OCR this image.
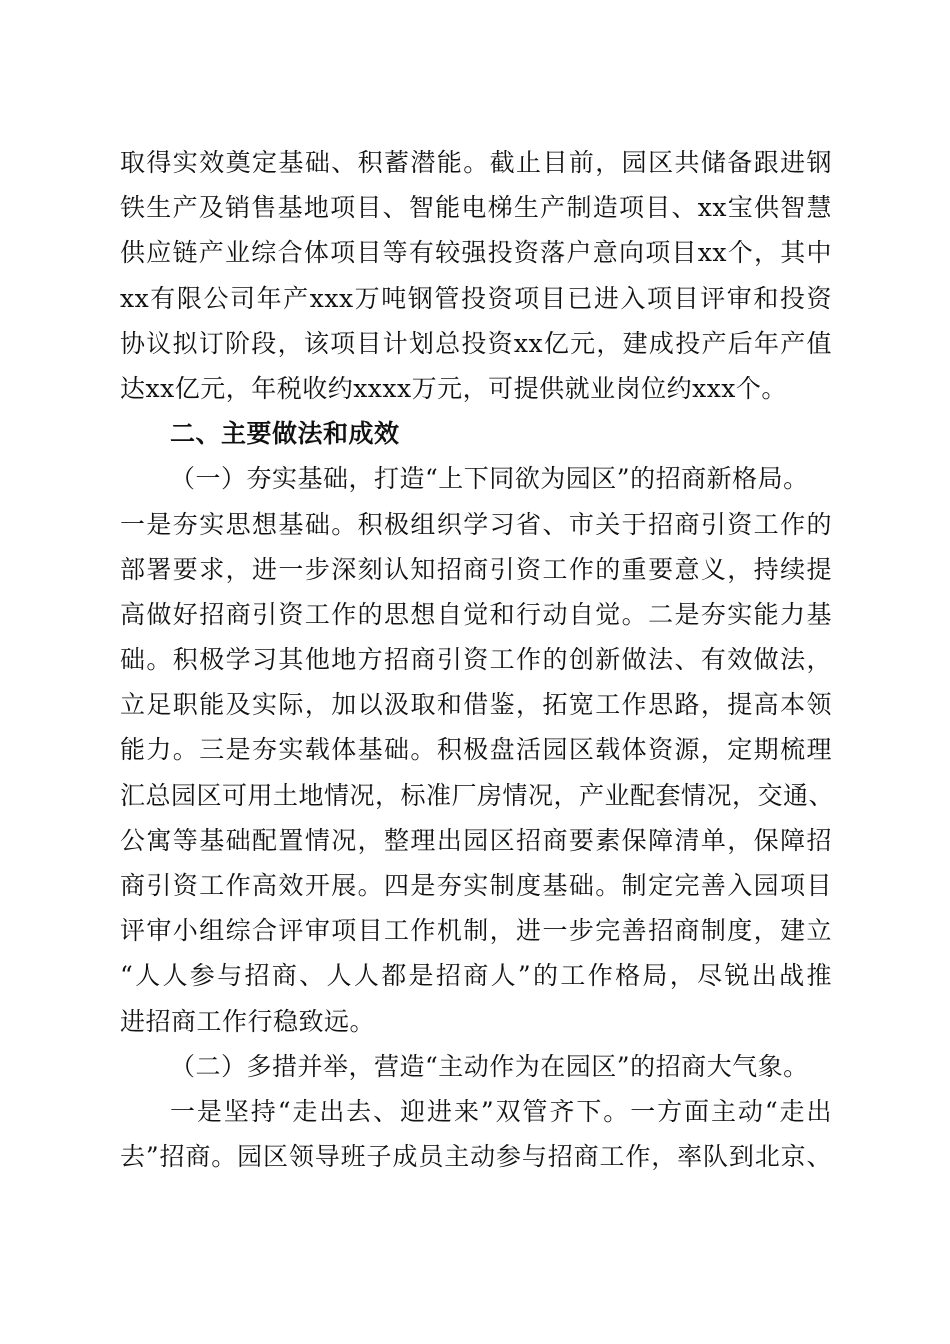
取得实效奠定基础、积蓄潜能。截止目前，园区共储备跟进钢
铁生产及销售基地项目、智能电梯生产制造项目、xx宝供智慧
供应链产业综合体项目等有较强投资落户意向项目xx个，其中
xx有限公司年产xxx万吨钢管投资项目已进入项目评审和投资
协议拟订阶段，该项目计划总投资xx亿元，建成投产后年产值
达xx亿元，年税收约xxxx万元，可提供就业岗位约xxx个。
二、主要做法和成效
（一）夯实基础，打造“上下同欲为园区”的招商新格局。
一是夯实思想基础。积极组织学习省、市关于招商引资工作的
部署要求，进一步深刻认知招商引资工作的重要意义，持续提
高做好招商引资工作的思想自觉和行动自觉。二是夯实能力基
础。积极学习其他地方招商引资工作的创新做法、有效做法，
立足职能及实际，加以汲取和借鉴，拓宽工作思路，提高本领
能力。三是夯实载体基础。积极盘活园区载体资源，定期梳理
汇总园区可用土地情况，标准厂房情况，产业配套情况，交通、
公寓等基础配置情况，整理出园区招商要素保障清单，保障招
商引资工作高效开展。四是夯实制度基础。制定完善入园项目
评审小组综合评审项目工作机制，进一步完善招商制度，建立
“人人参与招商、人人都是招商人”的工作格局，尽锐出战推
进招商工作行稳致远。
（二）多措并举，营造“主动作为在园区”的招商大气象。
一是坚持“走出去、迎进来”双管齐下。一方面主动“走出
去”招商。园区领导班子成员主动参与招商工作，率队到北京、
